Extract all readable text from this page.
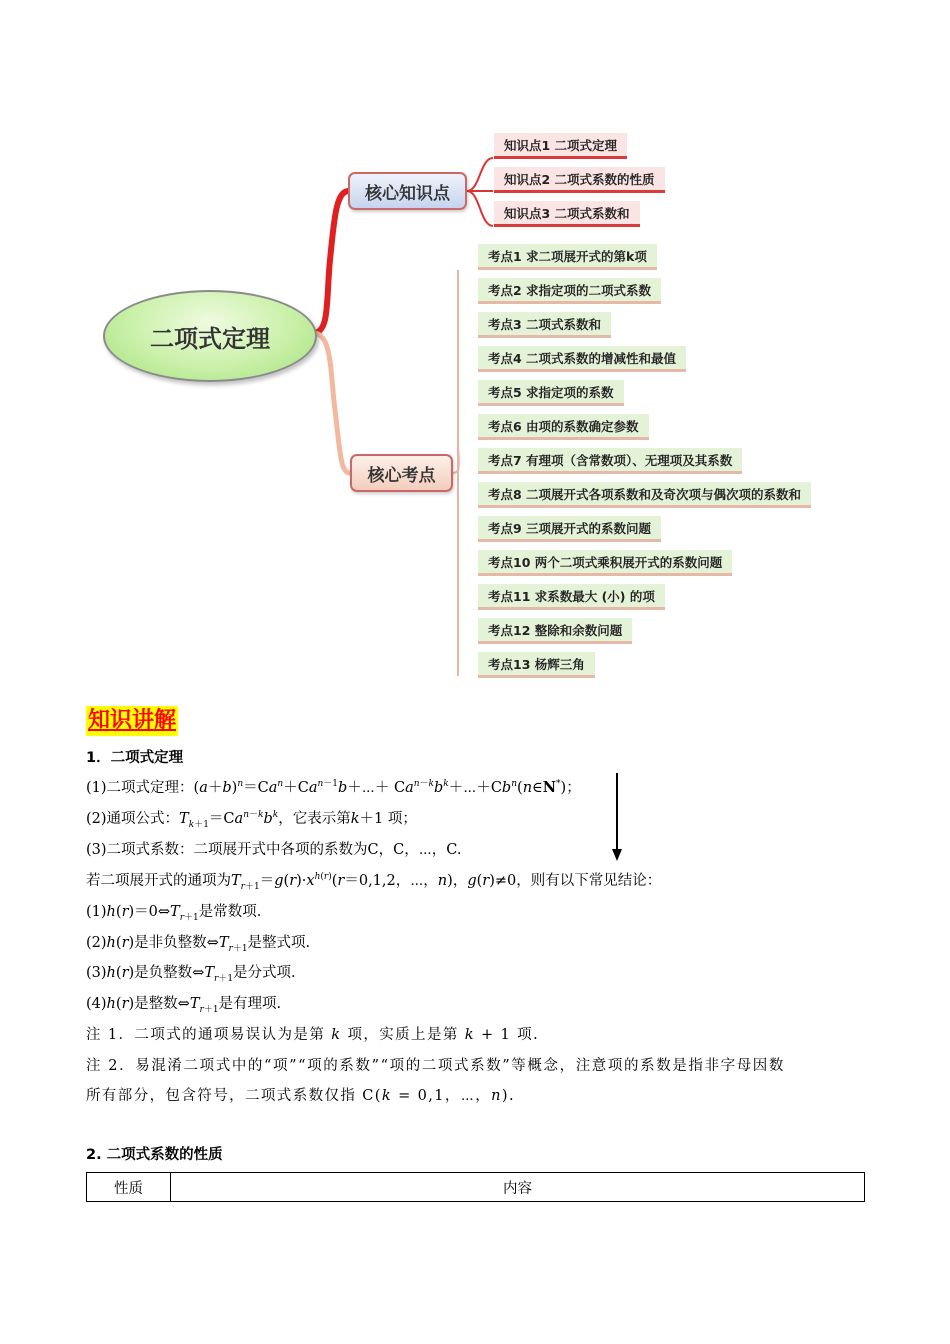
二项式定理
核心知识点
核心考点
知识点1 二项式定理
知识点2 二项式系数的性质
知识点3 二项式系数和
考点1 求二项展开式的第k项
考点2 求指定项的二项式系数
考点3 二项式系数和
考点4 二项式系数的增减性和最值
考点5 求指定项的系数
考点6 由项的系数确定参数
考点7 有理项（含常数项）、无理项及其系数
考点8 二项展开式各项系数和及奇次项与偶次项的系数和
考点9 三项展开式的系数问题
考点10 两个二项式乘积展开式的系数问题
考点11 求系数最大 (小) 的项
考点12 整除和余数问题
考点13 杨辉三角
知识讲解
1．二项式定理
(1)二项式定理：$(a+b)^n=Ca^n+Ca^{n-1}b+\cdots+$ $Ca^{n-k}b^k+\cdots+Cb^n(n\in N^*)$；
(2)通项公式：$T_{k+1}=Ca^{n-k}b^k$，它表示第k＋1 项；
(3)二项式系数：二项展开式中各项的系数为C，C，⋯，C.
若二项展开式的通项为$T_{r+1}=g(r)\cdot x^{h(r)}(r=0,1,2$，⋯，n)，g(r)≠0，则有以下常见结论：
$(1)h(r)=0\Leftrightarrow T_{r+1}$是常数项.
(2)h(r)是非负整数$\Leftrightarrow T_{r+1}$是整式项.
(3)h(r)是负整数$\Leftrightarrow T_{r+1}$是分式项.
(4)h(r)是整数$\Leftrightarrow T_{r+1}$是有理项.
注 1．二项式的通项易误认为是第 k 项，实质上是第 k + 1 项.
注 2．易混淆二项式中的“项”“项的系数”“项的二项式系数”等概念，注意项的系数是指非字母因数
所有部分，包含符号，二项式系数仅指 C(k = 0,1，⋯，n).
2. 二项式系数的性质
性质	内容
